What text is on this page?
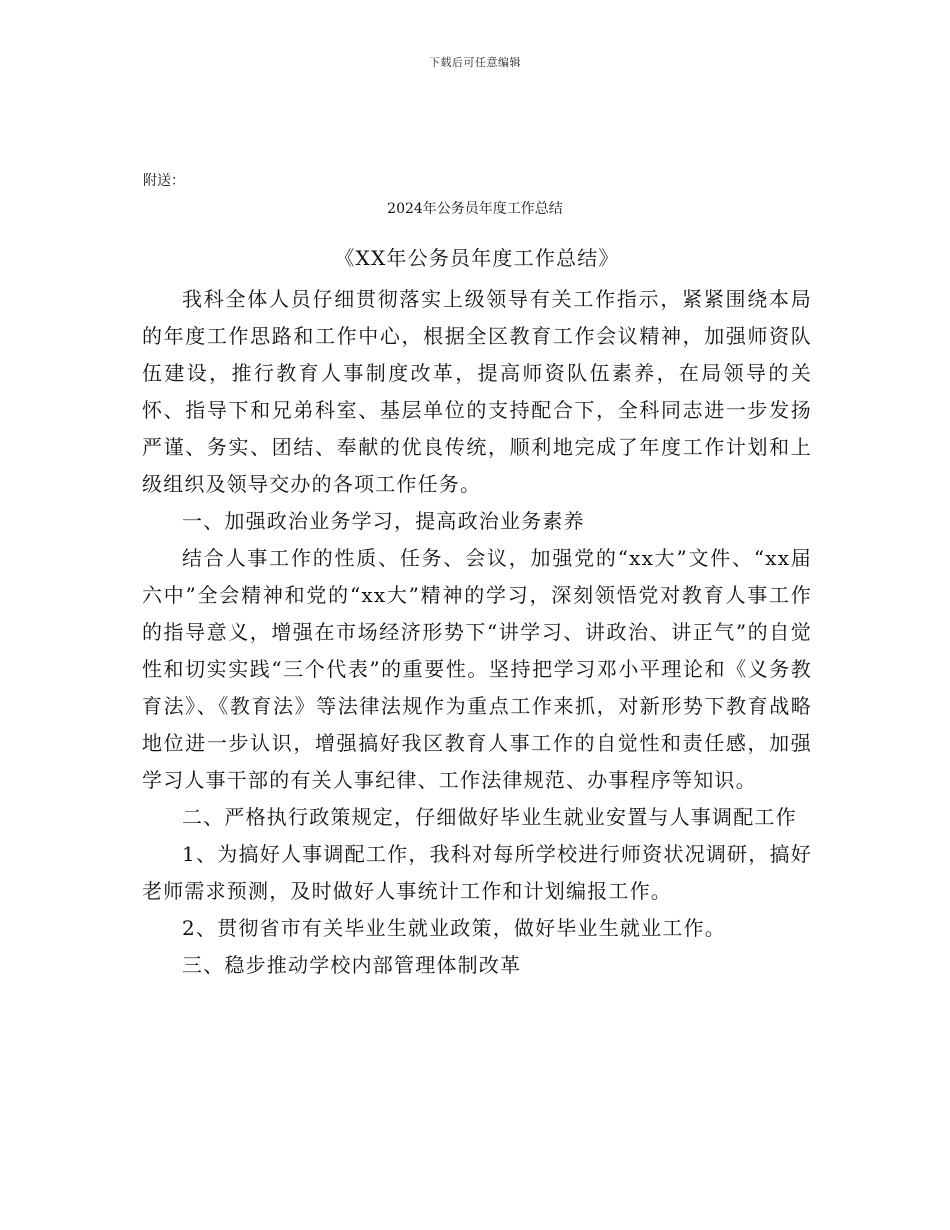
下载后可任意编辑
附送：
2024年公务员年度工作总结
《XX年公务员年度工作总结》

我科全体人员仔细贯彻落实上级领导有关工作指示，紧紧围绕本局的年度工作思路和工作中心，根据全区教育工作会议精神，加强师资队伍建设，推行教育人事制度改革，提高师资队伍素养，在局领导的关怀、指导下和兄弟科室、基层单位的支持配合下，全科同志进一步发扬严谨、务实、团结、奉献的优良传统，顺利地完成了年度工作计划和上级组织及领导交办的各项工作任务。

一、加强政治业务学习，提高政治业务素养

结合人事工作的性质、任务、会议，加强党的“xx大”文件、“xx届六中”全会精神和党的“xx大”精神的学习，深刻领悟党对教育人事工作的指导意义，增强在市场经济形势下“讲学习、讲政治、讲正气”的自觉性和切实实践“三个代表”的重要性。坚持把学习邓小平理论和《义务教育法》、《教育法》等法律法规作为重点工作来抓，对新形势下教育战略地位进一步认识，增强搞好我区教育人事工作的自觉性和责任感，加强学习人事干部的有关人事纪律、工作法律规范、办事程序等知识。

二、严格执行政策规定，仔细做好毕业生就业安置与人事调配工作

1、为搞好人事调配工作，我科对每所学校进行师资状况调研，搞好老师需求预测，及时做好人事统计工作和计划编报工作。

2、贯彻省市有关毕业生就业政策，做好毕业生就业工作。

三、稳步推动学校内部管理体制改革
